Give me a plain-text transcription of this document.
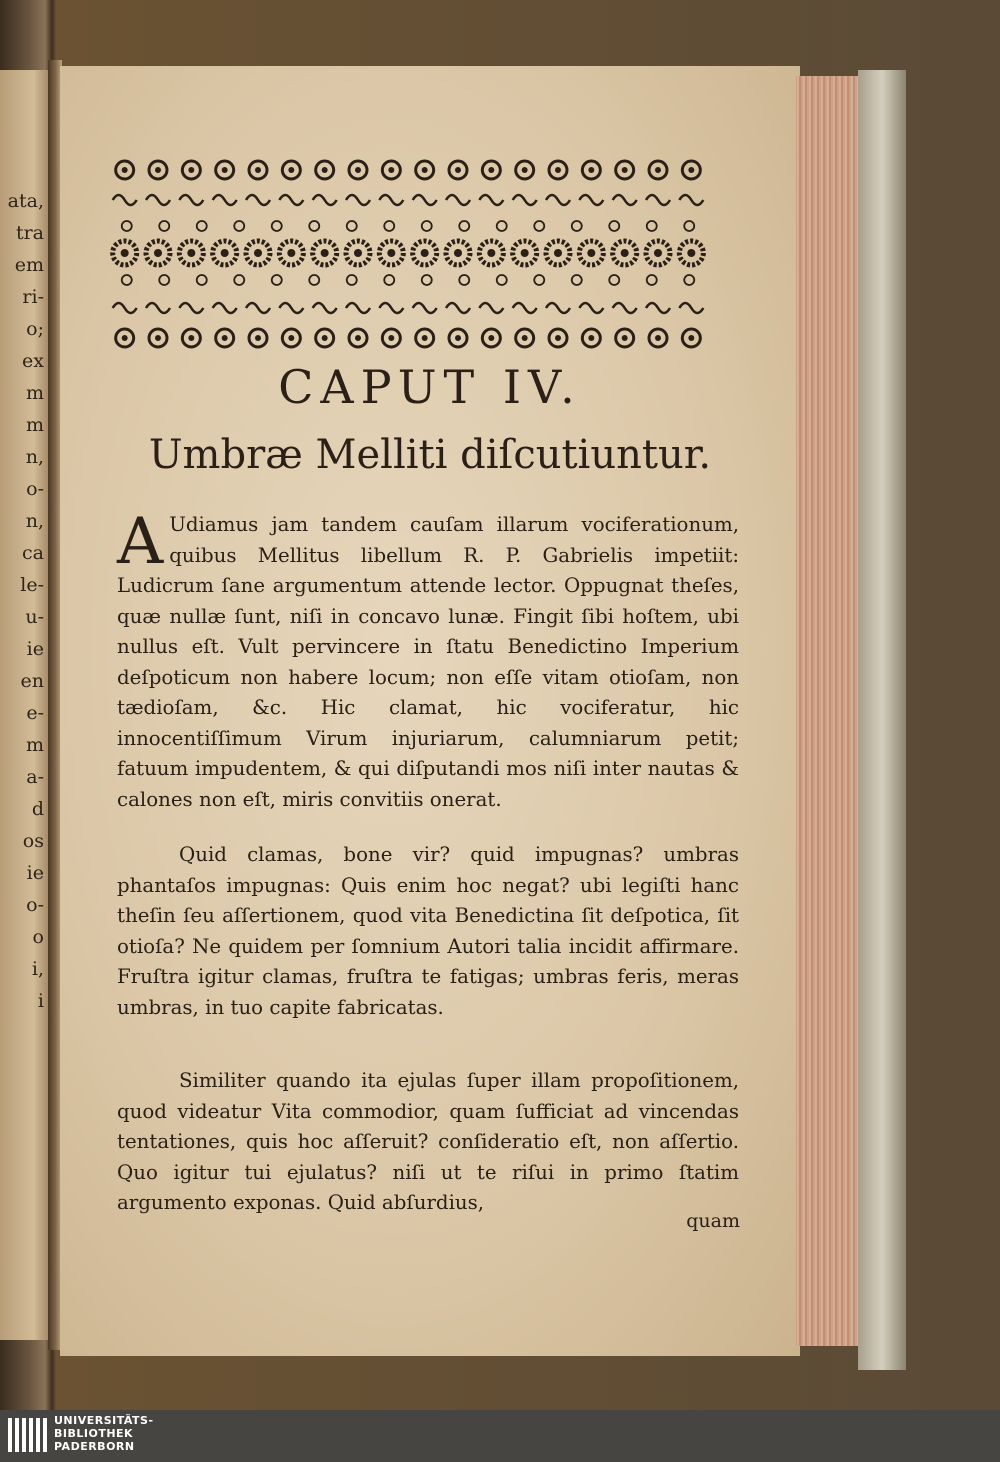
ata,
tra
em
ri-
o;
ex
m
m
n,
o-
n,
ca
le-
u-
ie
en
e-
m
a-
d
os
ie
o-
o
i,
i
CAPUT IV.
Umbræ Melliti diſcutiuntur.
A Udiamus jam tandem cauſam illarum vociferationum, quibus Mellitus libellum R. P. Gabrielis impetiit: Ludicrum ſane argumentum attende lector. Oppugnat theſes, quæ nullæ ſunt, niſi in concavo lunæ. Fingit ſibi hoſtem, ubi nullus eſt. Vult pervincere in ſtatu Benedictino Imperium deſpoticum non habere locum; non eſſe vitam otioſam, non tædioſam, &c. Hic clamat, hic vociferatur, hic innocentiſſimum Virum injuriarum, calumniarum petit; fatuum impudentem, & qui diſputandi mos niſi inter nautas & calones non eſt, miris convitiis onerat.
Quid clamas, bone vir? quid impugnas? umbras phantaſos impugnas: Quis enim hoc negat? ubi legiſti hanc theſin ſeu aſſertionem, quod vita Benedictina ſit deſpotica, ſit otioſa? Ne quidem per ſomnium Autori talia incidit affirmare. Fruſtra igitur clamas, fruſtra te fatigas; umbras feris, meras umbras, in tuo capite fabricatas.
Similiter quando ita ejulas ſuper illam propoſitionem, quod videatur Vita commodior, quam ſufficiat ad vincendas tentationes, quis hoc aſſeruit? conſideratio eſt, non aſſertio. Quo igitur tui ejulatus? niſi ut te riſui in primo ſtatim argumento exponas. Quid abſurdius,
quam
UNIVERSITÄTS-
BIBLIOTHEK
PADERBORN
